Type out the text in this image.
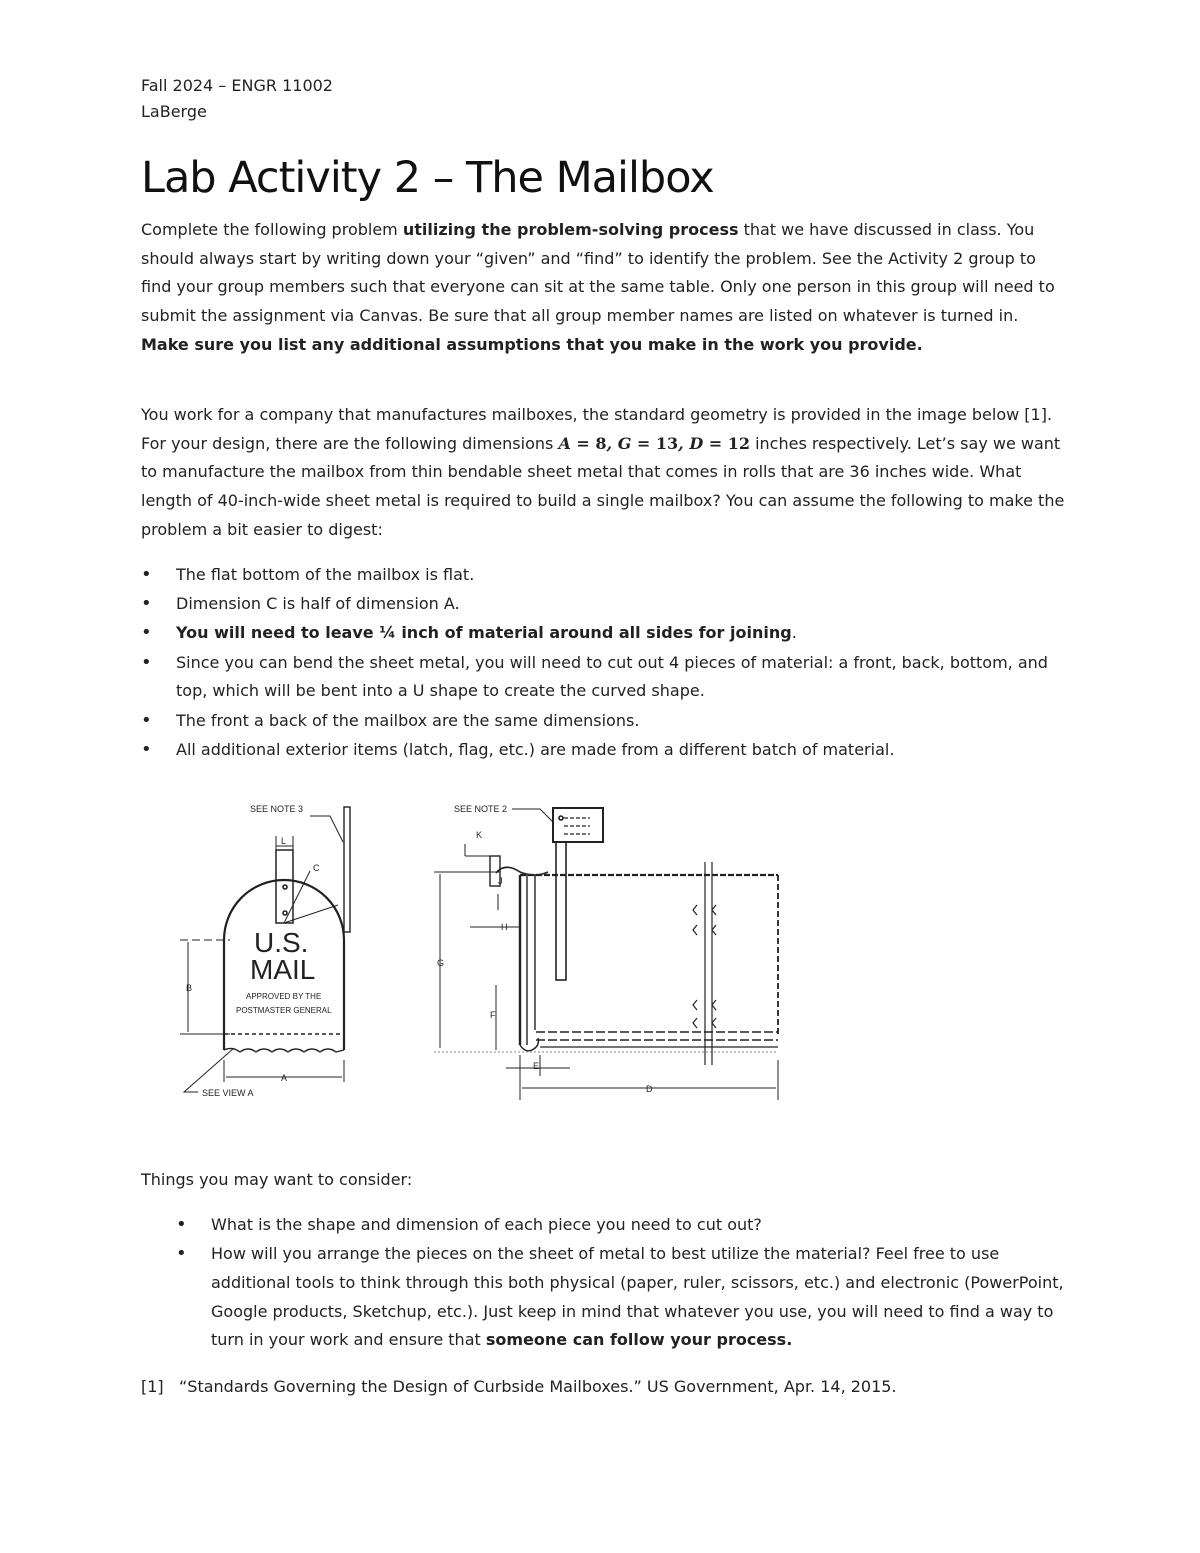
Fall 2024 – ENGR 11002
LaBerge
Lab Activity 2 – The Mailbox

Complete the following problem utilizing the problem-solving process that we have discussed in class. You should always start by writing down your “given” and “find” to identify the problem. See the Activity 2 group to find your group members such that everyone can sit at the same table. Only one person in this group will need to submit the assignment via Canvas. Be sure that all group member names are listed on whatever is turned in. Make sure you list any additional assumptions that you make in the work you provide.

You work for a company that manufactures mailboxes, the standard geometry is provided in the image below [1]. For your design, there are the following dimensions A = 8, G = 13, D = 12 inches respectively. Let’s say we want to manufacture the mailbox from thin bendable sheet metal that comes in rolls that are 36 inches wide. What length of 40-inch-wide sheet metal is required to build a single mailbox? You can assume the following to make the problem a bit easier to digest:

• The flat bottom of the mailbox is flat.
• Dimension C is half of dimension A.
• You will need to leave ¼ inch of material around all sides for joining.
• Since you can bend the sheet metal, you will need to cut out 4 pieces of material: a front, back, bottom, and top, which will be bent into a U shape to create the curved shape.
• The front a back of the mailbox are the same dimensions.
• All additional exterior items (latch, flag, etc.) are made from a different batch of material.
SEE NOTE 3
L
C
B
A
SEE VIEW A
U.S.
MAIL
APPROVED BY THE
POSTMASTER GENERAL
SEE NOTE 2
K
J
H
G
F
E
D

Things you may want to consider:

• What is the shape and dimension of each piece you need to cut out?
• How will you arrange the pieces on the sheet of metal to best utilize the material? Feel free to use additional tools to think through this both physical (paper, ruler, scissors, etc.) and electronic (PowerPoint, Google products, Sketchup, etc.). Just keep in mind that whatever you use, you will need to find a way to turn in your work and ensure that someone can follow your process.
[1] “Standards Governing the Design of Curbside Mailboxes.” US Government, Apr. 14, 2015.
